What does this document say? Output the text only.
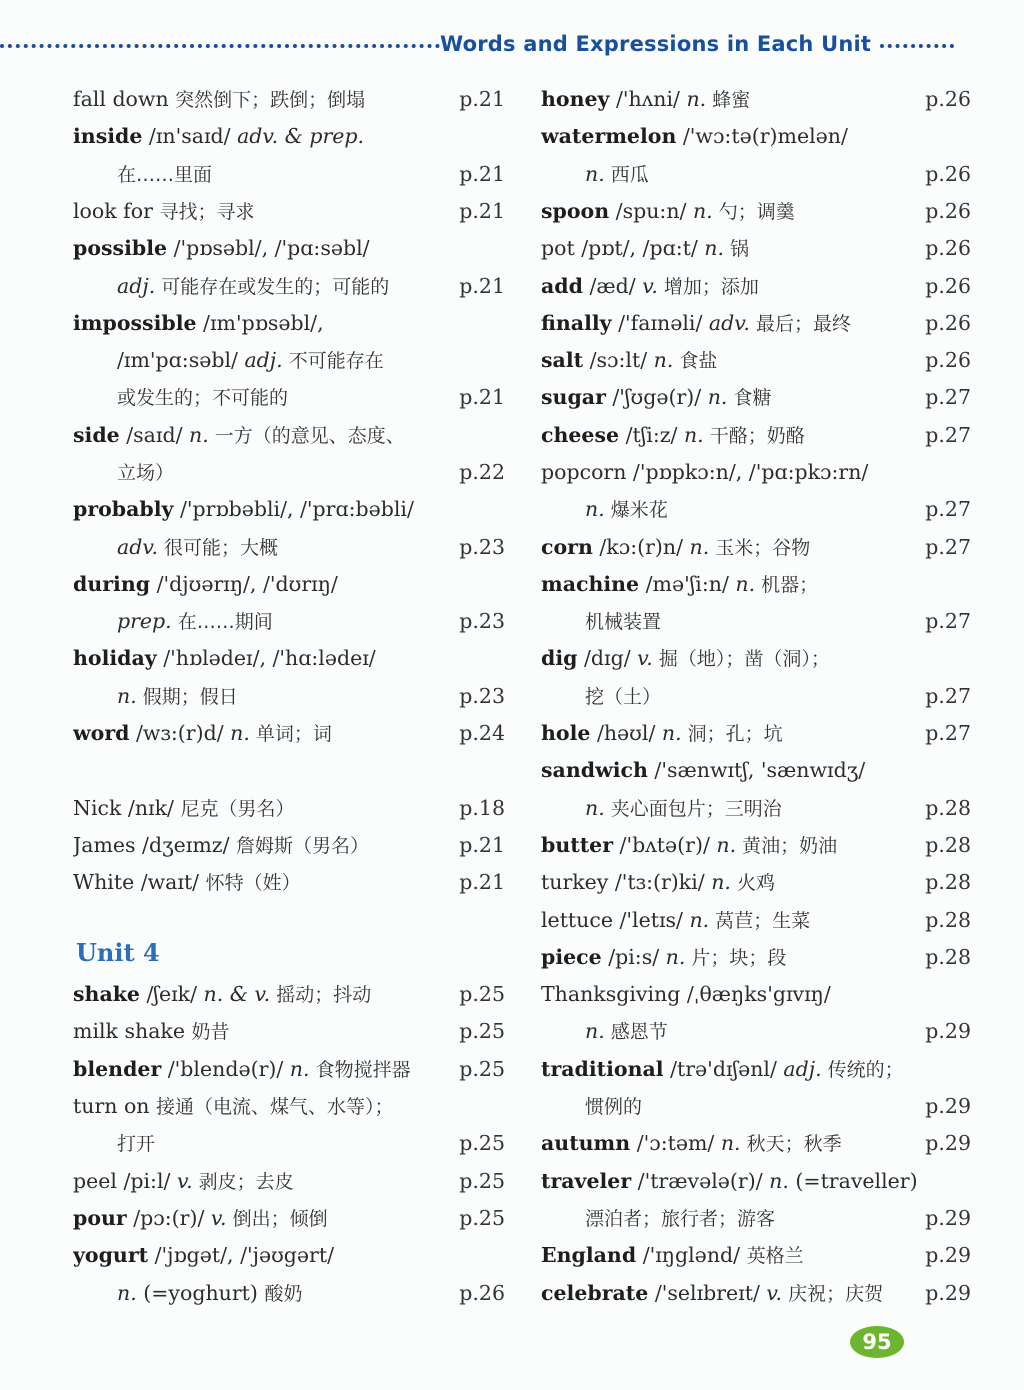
Words and Expressions in Each Unit
fall down 突然倒下；跌倒；倒塌	p.21
inside /ɪn'saɪd/ adv. & prep.
在……里面	p.21
look for 寻找；寻求	p.21
possible /'pɒsəbl/, /'pɑ:səbl/
adj. 可能存在或发生的；可能的	p.21
impossible /ɪm'pɒsəbl/,
/ɪm'pɑ:səbl/ adj. 不可能存在
或发生的；不可能的	p.21
side /saɪd/ n. 一方（的意见、态度、
立场）	p.22
probably /'prɒbəbli/, /'prɑ:bəbli/
adv. 很可能；大概	p.23
during /'djʊərɪŋ/, /'dʊrɪŋ/
prep. 在……期间	p.23
holiday /'hɒlədeɪ/, /'hɑ:lədeɪ/
n. 假期；假日	p.23
word /wɜ:(r)d/ n. 单词；词	p.24
Nick /nɪk/ 尼克（男名）	p.18
James /dʒeɪmz/ 詹姆斯（男名）	p.21
White /waɪt/ 怀特（姓）	p.21
shake /ʃeɪk/ n. & v. 摇动；抖动	p.25
milk shake 奶昔	p.25
blender /'blendə(r)/ n. 食物搅拌器 p.25
turn on 接通（电流、煤气、水等）；
打开	p.25
peel /pi:l/ v. 剥皮；去皮	p.25
pour /pɔ:(r)/ v. 倒出；倾倒	p.25
yogurt /'jɒgət/, /'jəʊgərt/
n. (=yoghurt) 酸奶	p.26
honey /'hʌni/ n. 蜂蜜	p.26
watermelon /'wɔ:tə(r)melən/
n. 西瓜	p.26
spoon /spu:n/ n. 勺；调羹	p.26
pot /pɒt/, /pɑ:t/ n. 锅	p.26
add /æd/ v. 增加；添加	p.26
finally /'faɪnəli/ adv. 最后；最终	p.26
salt /sɔ:lt/ n. 食盐	p.26
sugar /'ʃʊgə(r)/ n. 食糖	p.27
cheese /tʃi:z/ n. 干酪；奶酪	p.27
popcorn /'pɒpkɔ:n/, /'pɑ:pkɔ:rn/
n. 爆米花	p.27
corn /kɔ:(r)n/ n. 玉米；谷物	p.27
machine /mə'ʃi:n/ n. 机器；
机械装置	p.27
dig /dɪg/ v. 掘（地）；凿（洞）；
挖（土）	p.27
hole /həʊl/ n. 洞；孔；坑	p.27
sandwich /'sænwɪtʃ, 'sænwɪdʒ/
n. 夹心面包片；三明治	p.28
butter /'bʌtə(r)/ n. 黄油；奶油	p.28
turkey /'tɜ:(r)ki/ n. 火鸡	p.28
lettuce /'letɪs/ n. 莴苣；生菜	p.28
piece /pi:s/ n. 片；块；段	p.28
Thanksgiving /ˌθæŋks'gɪvɪŋ/
n. 感恩节	p.29
traditional /trə'dɪʃənl/ adj. 传统的；
惯例的	p.29
autumn /'ɔ:təm/ n. 秋天；秋季	p.29
traveler /'trævələ(r)/ n. (=traveller)
漂泊者；旅行者；游客	p.29
England /'ɪŋglənd/ 英格兰	p.29
celebrate /'selɪbreɪt/ v. 庆祝；庆贺 p.29
Unit 4
95
